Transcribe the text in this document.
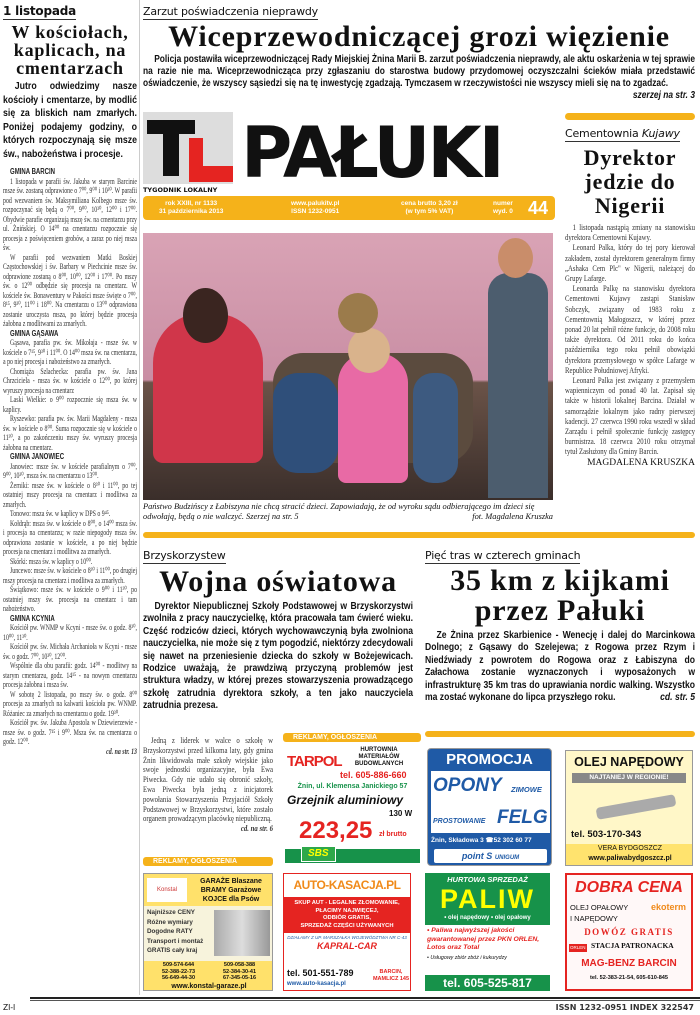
1 listopada
W kościołach, kaplicach, na cmentarzach
Jutro odwiedzimy nasze kościoły i cmentarze, by modlić się za bliskich nam zmarłych. Poniżej podajemy godziny, o których rozpoczynają się msze św., nabożeństwa i procesje.
GMINA BARCIN

1 listopada w parafii św. Jakuba w starym Barcinie msze św. zostaną odprawione o 7⁰⁰, 9⁰⁰ i 10³⁰. W parafii pod wezwaniem św. Maksymiliana Kolbego msze św. rozpoczynać się będą o 7⁰⁰, 9⁰⁰, 10³⁰, 12⁰⁰ i 17⁰⁰. Obydwie parafie organizują mszę św. na cmentarzu przy ul. Żnińskiej. O 14⁰⁰ na cmentarzu rozpocznie się procesja z poświęceniem grobów, a zaraz po niej msza św.

W parafii pod wezwaniem Matki Boskiej Częstochowskiej i św. Barbary w Piechcinie msze św. odprawione zostaną o 8⁰⁰, 10⁰⁰, 12⁰⁰ i 17⁰⁰. Po mszy św. o 12⁰⁰ odbędzie się procesja na cmentarz. W kościele św. Bonawentury w Pakości msze święte o 7⁰⁰, 8¹⁵, 9³⁰, 11⁰⁰ i 18⁰⁰. Na cmentarzu o 13⁰⁰ odprawiona zostanie uroczysta msza, po której będzie procesja żałobna z modlitwami za zmarłych.

GMINA GĄSAWA

Gąsawa, parafia pw. św. Mikołaja - msze św. w kościele o 7¹⁵, 9³⁰ i 11⁰⁰. O 14⁰⁰ msza św. na cmentarzu, a po niej procesja i nabożeństwo za zmarłych.

Chomiąża Szlachecka: parafia pw. św. Jana Chrzciciela - msza św. w kościele o 12⁰⁰, po której wyruszy procesja na cmentarz

Laski Wielkie: o 9⁰⁰ rozpocznie się msza św. w kaplicy.

Ryszewko: parafia pw. św. Marii Magdaleny - msza św. w kościele o 8⁰⁰. Suma rozpocznie się w kościele o 11³⁰, a po zakończeniu mszy św. wyruszy procesja żałobna na cmentarz.

GMINA JANOWIEC

Janowiec: msze św. w kościele parafialnym o 7⁰⁰, 9⁰⁰, 10³⁰, msza św. na cmentarzu o 13⁰⁰.

Żerniki: msze św. w kościele o 8³⁰ i 11⁰⁰, po tej ostatniej mszy procesja na cmentarz i modlitwa za zmarłych.

Tonowo: msza św. w kaplicy w DPS o 9⁴⁵.

Kołdrąb: msza św. w kościele o 8⁰⁰, o 14⁰⁰ msza św. i procesja na cmentarzu; w razie niepogody msza św. odprawiona zostanie w kościele, a po niej będzie procesja na cmentarz i modlitwa za zmarłych.

Skórki: msza św. w kaplicy o 10⁰⁰.

Juncewo: msze św. w kościele o 8³⁰ i 11⁰⁰, po drugiej mszy procesja na cmentarz i modlitwa za zmarłych.

Świątkowo: msze św. w kościele o 9⁰⁰ i 11³⁰, po ostatniej mszy św. procesja na cmentarz i tam nabożeństwo.

GMINA KCYNIA

Kościół pw. WNMP w Kcyni - msze św. o godz. 8³⁰, 10⁰⁰, 11³⁰.

Kościół pw. św. Michała Archanioła w Kcyni - msze św. o godz. 7⁰⁰, 10³⁰, 12⁰⁰.

Wspólnie dla obu parafii: godz. 14⁰⁰ - modlitwy na starym cmentarzu, godz. 14¹⁵ - na nowym cmentarzu procesja żałobna i msza św.

W sobotę 2 listopada, po mszy św. o godz. 8⁰⁰ procesja za zmarłych na kalwarii kościoła pw. WNMP. Różaniec za zmarłych na cmentarzu o godz. 19³⁰.

Kościół pw. św. Jakuba Apostola w Dziewierzewie - msze św. o godz. 7¹⁵ i 9⁰⁰. Msza św. na cmentarzu o godz. 12⁰⁰.

cd. na str. 13
Zarzut poświadczenia nieprawdy
Wiceprzewodniczącej grozi więzienie
Policja postawiła wiceprzewodniczącej Rady Miejskiej Żnina Marii B. zarzut poświadczenia nieprawdy, ale aktu oskarżenia w tej sprawie na razie nie ma. Wiceprzewodnicząca przy zgłaszaniu do starostwa budowy przydomowej oczyszczalni ścieków miała przedstawić oświadczenie, że wszyscy sąsiedzi się na tę inwestycję zgadzają. Tymczasem w rzeczywistości nie wszyscy mieli się na to zgadzać.
szerzej na str. 3
TYGODNIK LOKALNY PAŁUKI
rok XXIII, nr 1133
31 października 2013
www.palukitv.pl
ISSN 1232-0951
cena brutto 3,20 zł
(w tym 5% VAT)
numer
wyd. 0 44
Państwo Budzińscy z Łabiszyna nie chcą stracić dzieci. Zapowiadają, że od wyroku sądu odbierającego im dzieci się odwołają, będą o nie walczyć. Szerzej na str. 5	fot. Magdalena Kruszka
Cementownia Kujawy
Dyrektor jedzie do Nigerii

1 listopada nastąpią zmiany na stanowisku dyrektora Cementowni Kujawy.

Leonard Palka, który do tej pory kierował zakładem, został dyrektorem generalnym firmy „Ashaka Cem Plc" w Nigerii, należącej do Grupy Lafarge.

Leonarda Palkę na stanowisku dyrektora Cementowni Kujawy zastąpi Stanisław Sobczyk, związany od 1983 roku z Cementownią Małogoszcz, w której przez ponad 20 lat pełnił różne funkcje, do 2008 roku także dyrektora. Od 2011 roku do końca października tego roku pełnił obowiązki dyrektora przemysłowego w spółce Lafarge w Republice Południowej Afryki.

Leonard Palka jest związany z przemysłem wapienniczym od ponad 40 lat. Zapisał się także w historii lokalnej Barcina. Działał w samorządzie lokalnym jako radny pierwszej kadencji. 27 czerwca 1990 roku wszedł w skład Zarządu i pełnił społecznie funkcję zastępcy burmistrza. 18 czerwca 2010 roku otrzymał tytuł Zasłużony dla Gminy Barcin.

MAGDALENA KRUSZKA
Brzyskorzystew
Wojna oświatowa
Dyrektor Niepublicznej Szkoły Podstawowej w Brzyskorzystwi zwolniła z pracy nauczycielkę, która pracowała tam ćwierć wieku. Część rodziców dzieci, których wychowawczynią była zwolniona nauczycielka, nie może się z tym pogodzić, niektórzy zdecydowali się nawet na przeniesienie dziecka do szkoły w Bożejewicach. Rodzice uważają, że prawdziwą przyczyną problemów jest struktura władzy, w której prezes stowarzyszenia prowadzącego szkołę zatrudnia dyrektora szkoły, a ten jako nauczyciela zatrudnia prezesa.

Jedną z liderek w walce o szkołę w Brzyskorzystwi przed kilkoma laty, gdy gmina Żnin likwidowała małe szkoły wiejskie jako swoje jednostki organizacyjne, była Ewa Piwecka. Gdy nie udało się obronić szkoły, Ewa Piwecka była jedną z inicjatorek powołania Stowarzyszenia Przyjaciół Szkoły Podstawowej w Brzyskorzystwi, które zostało organem prowadzącym placówkę niepubliczną.
cd. na str. 6

REKLAMY, OGŁOSZENIA
REKLAMY, OGŁOSZENIA
Pięć tras w czterech gminach
35 km z kijkami przez Pałuki
Ze Żnina przez Skarbienice - Wenecję i dalej do Marcinkowa Dolnego; z Gąsawy do Szelejewa; z Rogowa przez Rzym i Niedźwiady z powrotem do Rogowa oraz z Łabiszyna do Załachowa zostanie wyznaczonych i wyposażonych w infrastrukturę 35 km tras do uprawiania nordic walking. Wszystko ma zostać wykonane do lipca przyszłego roku.	cd. str. 5
TARPOL
HURTOWNIA MATERIAŁÓW BUDOWLANYCH
tel. 605-886-660
Żnin, ul. Klemensa Janickiego 57
Grzejnik aluminiowy
130 W
223,25 zł brutto
SBS
PROMOCJA
OPONY ZIMOWE
PROSTOWANIE FELG
Żnin, Składowa 3 ☎52 302 60 77
point S UNIGUM
OLEJ NAPĘDOWY
NAJTANIEJ W REGIONIE!
tel. 503-170-343
VERA BYDGOSZCZ
www.paliwabydgoszcz.pl
Konstal
GARAŻE Blaszane
BRAMY Garażowe
KOJCE dla Psów
Najniższe CENY
Różne wymiary
Dogodne RATY
Transport i montaż
GRATIS cały kraj
509-574-644	509-058-388
52-388-22-73	52-384-30-41
56-649-44-30	67-345-05-16
www.konstal-garaze.pl
AUTO-KASACJA.PL
SKUP AUT - LEGALNE ZŁOMOWANIE,
PŁACIMY NAJWIĘCEJ,
ODBIÓR GRATIS,
SPRZEDAŻ CZĘŚCI UŻYWANYCH
DZIAŁAMY Z UP. MARSZAŁKA WOJEWÓDZTWA NR C-43
KAPRAL-CAR
tel. 501-551-789
www.auto-kasacja.pl
BARCIN, MAMLICZ 145
HURTOWA SPRZEDAŻ
PALIW
• olej napędowy • olej opałowy
• Paliwa najwyższej jakości gwarantowanej przez PKN ORLEN, Lotos oraz Total
• Usługowy zbiór zbóż i kukurydzy
tel. 605-525-817
DOBRA CENA
OLEJ OPAŁOWY
I NAPĘDOWY
ekoterm
DOWÓZ GRATIS
ORLEN STACJA PATRONACKA
MAG-BENZ BARCIN
tel. 52-383-21-54, 605-610-845
ZI-I	ISSN 1232-0951 INDEX 322547
